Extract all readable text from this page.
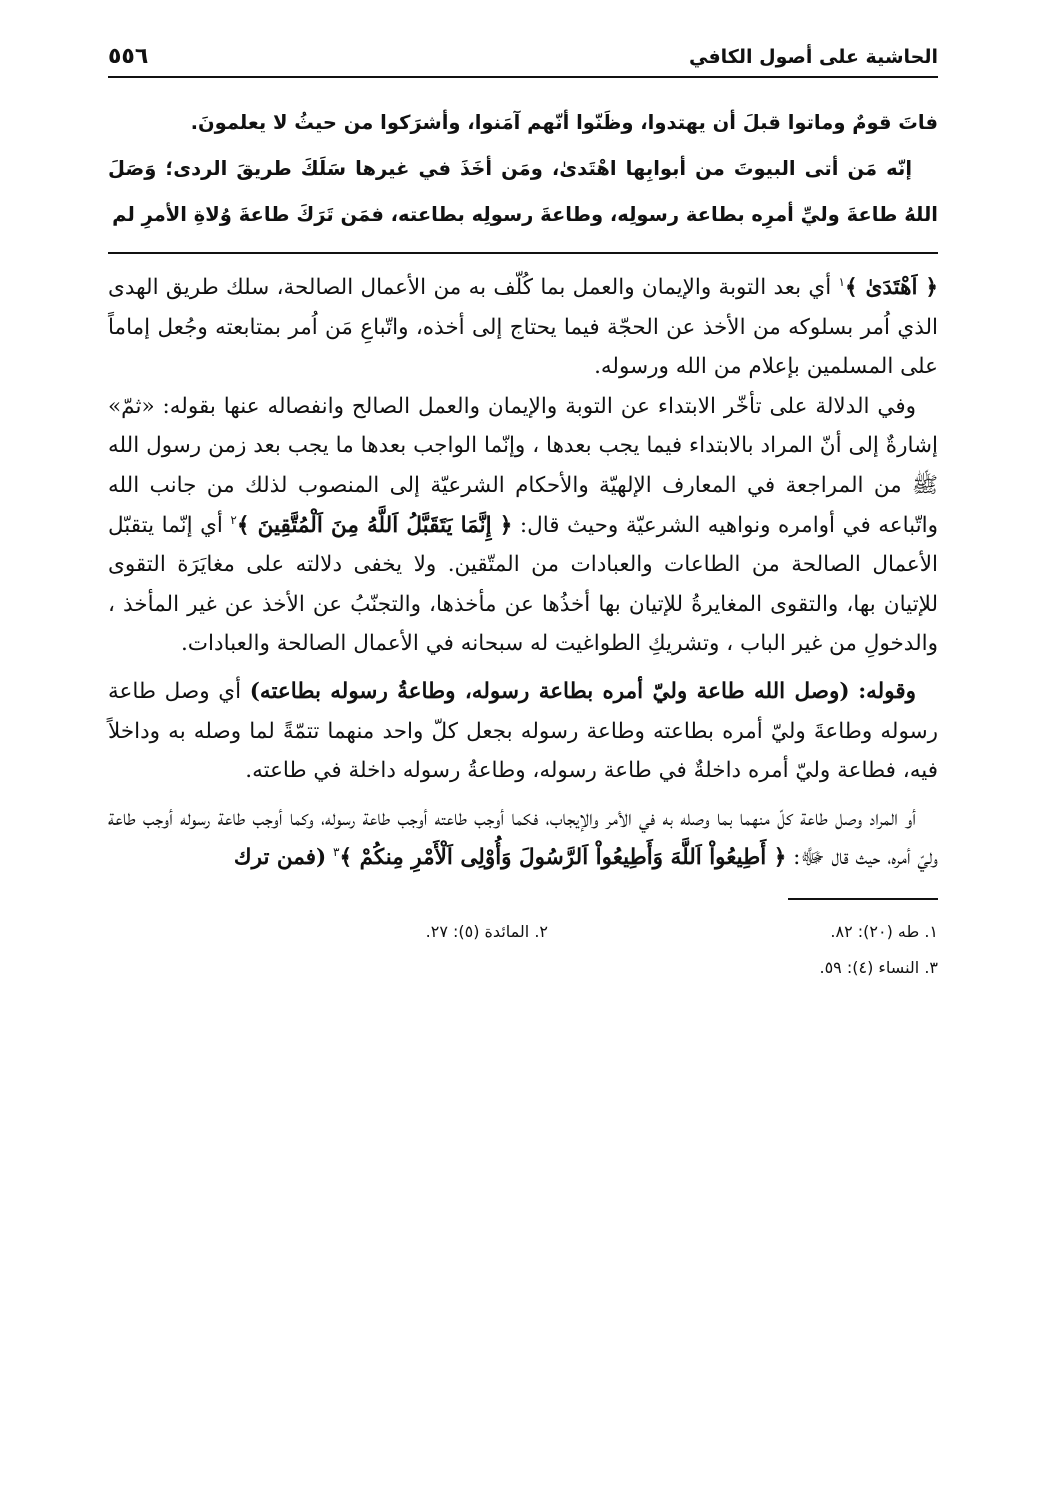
الحاشية على أصول الكافي
٥٥٦

فاتَ قومٌ وماتوا قبلَ أن يهتدوا، وظَنّوا أنّهم آمَنوا، وأشرَكوا من حيثُ لا يعلمونَ.

إنّه مَن أتى البيوتَ من أبوابِها اهْتَدىٰ، ومَن أخَذَ في غيرها سَلَكَ طريقَ الردى؛ وَصَلَ اللهُ طاعةَ وليِّ أمرِه بطاعة رسولِه، وطاعةَ رسولِه بطاعته، فمَن تَرَكَ طاعةَ وُلاةِ الأمرِ لم

﴿ اَهْتَدَىٰ ﴾$^١$ أي بعد التوبة والإيمان والعمل بما كُلّف به من الأعمال الصالحة، سلك طريق الهدى الذي اُمر بسلوكه من الأخذ عن الحجّة فيما يحتاج إلى أخذه، واتّباعِ مَن اُمر بمتابعته وجُعل إماماً على المسلمين بإعلام من الله ورسوله.

وفي الدلالة على تأخّر الابتداء عن التوبة والإيمان والعمل الصالح وانفصاله عنها بقوله: «ثمّ» إشارةٌ إلى أنّ المراد بالابتداء فيما يجب بعدها ، وإنّما الواجب بعدها ما يجب بعد زمن رسول الله ﷺ من المراجعة في المعارف الإلهيّة والأحكام الشرعيّة إلى المنصوب لذلك من جانب الله واتّباعه في أوامره ونواهيه الشرعيّة وحيث قال: ﴿ إِنَّمَا يَتَقَبَّلُ اَللَّهُ مِنَ اَلْمُتَّقِينَ ﴾$^٢$ أي إنّما يتقبّل الأعمال الصالحة من الطاعات والعبادات من المتّقين. ولا يخفى دلالته على مغايَرَة التقوى للإتيان بها، والتقوى المغايرةُ للإتيان بها أخذُها عن مأخذها، والتجنّبُ عن الأخذ عن غير المأخذ ، والدخولِ من غير الباب ، وتشريكِ الطواغيت له سبحانه في الأعمال الصالحة والعبادات.

وقوله: (وصل الله طاعة وليّ أمره بطاعة رسوله، وطاعةُ رسوله بطاعته) أي وصل طاعة رسوله وطاعةَ وليّ أمره بطاعته وطاعة رسوله بجعل كلّ واحد منهما تتمّةً لما وصله به وداخلاً فيه، فطاعة وليّ أمره داخلةٌ في طاعة رسوله، وطاعةُ رسوله داخلة في طاعته.

أو المراد وصل طاعة كلّ منهما بما وصله به في الأمر والإيجاب، فكما أوجب طاعته أوجب طاعة رسوله، وكما أوجب طاعة رسوله أوجب طاعة وليّ أمره، حيث قال ﷻ: ﴿ أَطِيعُواْ اَللَّهَ وَأَطِيعُواْ اَلرَّسُولَ وَأُوْلِى اَلْأَمْرِ مِنكُمْ ﴾$^٣$ (فمن ترك

١. طه (٢٠): ٨٢.
٢. المائدة (٥): ٢٧.
٣. النساء (٤): ٥٩.
